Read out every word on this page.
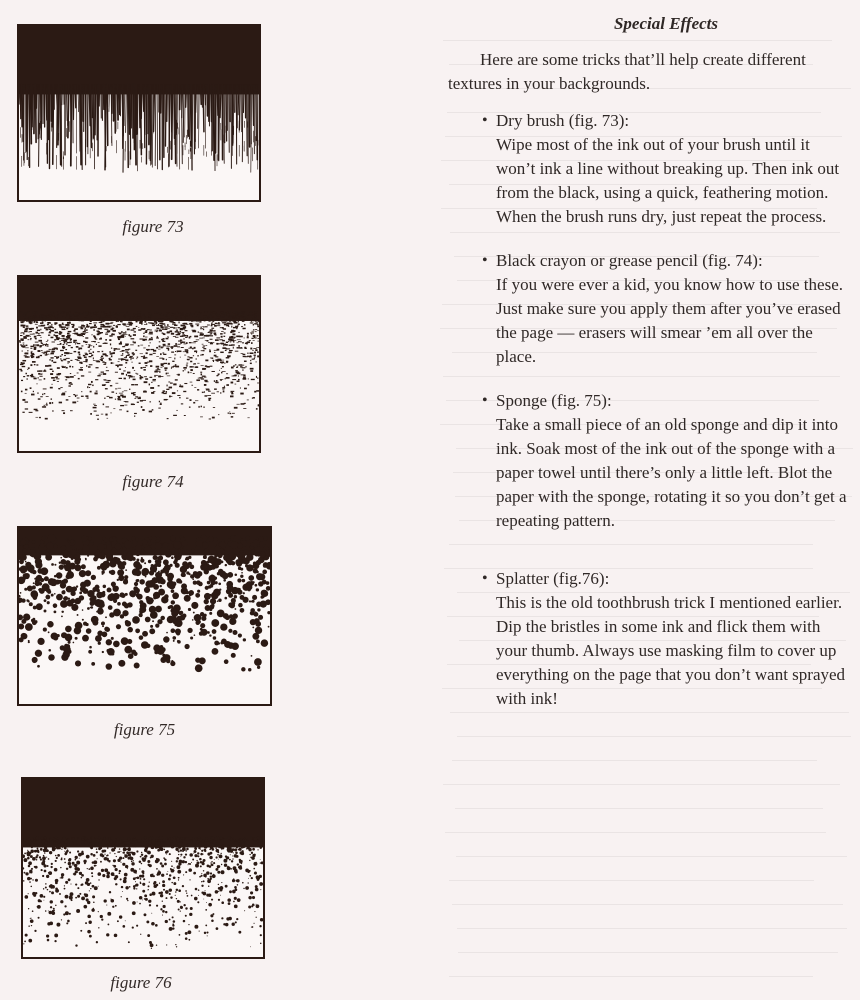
figure 73
figure 74
figure 75
figure 76
Special Effects

Here are some tricks that’ll help create different textures in your backgrounds.

• Dry brush (fig. 73):
Wipe most of the ink out of your brush until it won’t ink a line without breaking up. Then ink out from the black, using a quick, feathering motion. When the brush runs dry, just repeat the process.
• Black crayon or grease pencil (fig. 74):
If you were ever a kid, you know how to use these. Just make sure you apply them after you’ve erased the page — erasers will smear ’em all over the place.
• Sponge (fig. 75):
Take a small piece of an old sponge and dip it into ink. Soak most of the ink out of the sponge with a paper towel until there’s only a little left. Blot the paper with the sponge, rotating it so you don’t get a repeating pattern.
• Splatter (fig.76):
This is the old toothbrush trick I mentioned earlier. Dip the bristles in some ink and flick them with your thumb. Always use masking film to cover up everything on the page that you don’t want sprayed with ink!
